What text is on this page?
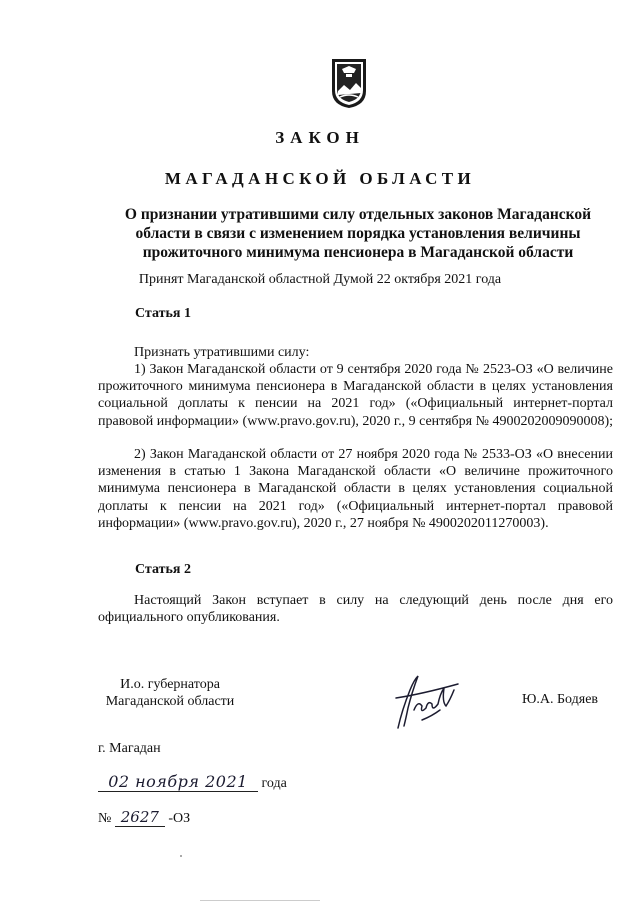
ЗАКОН
МАГАДАНСКОЙ ОБЛАСТИ
О признании утратившими силу отдельных законов Магаданской области в связи с изменением порядка установления величины прожиточного минимума пенсионера в Магаданской области
Принят Магаданской областной Думой 22 октября 2021 года
Статья 1
Признать утратившими силу:
1) Закон Магаданской области от 9 сентября 2020 года № 2523-ОЗ «О величине прожиточного минимума пенсионера в Магаданской области в целях установления социальной доплаты к пенсии на 2021 год» («Официальный интернет-портал правовой информации» (www.pravo.gov.ru), 2020 г., 9 сентября № 4900202009090008);
2) Закон Магаданской области от 27 ноября 2020 года № 2533-ОЗ «О внесении изменения в статью 1 Закона Магаданской области «О величине прожиточного минимума пенсионера в Магаданской области в целях установления социальной доплаты к пенсии на 2021 год» («Официальный интернет-портал правовой информации» (www.pravo.gov.ru), 2020 г., 27 ноября № 4900202011270003).
Статья 2
Настоящий Закон вступает в силу на следующий день после дня его официального опубликования.
И.о. губернатора
Магаданской области	Ю.А. Бодяев
г. Магадан
02 ноября 2021 года
№ 2627 -ОЗ
